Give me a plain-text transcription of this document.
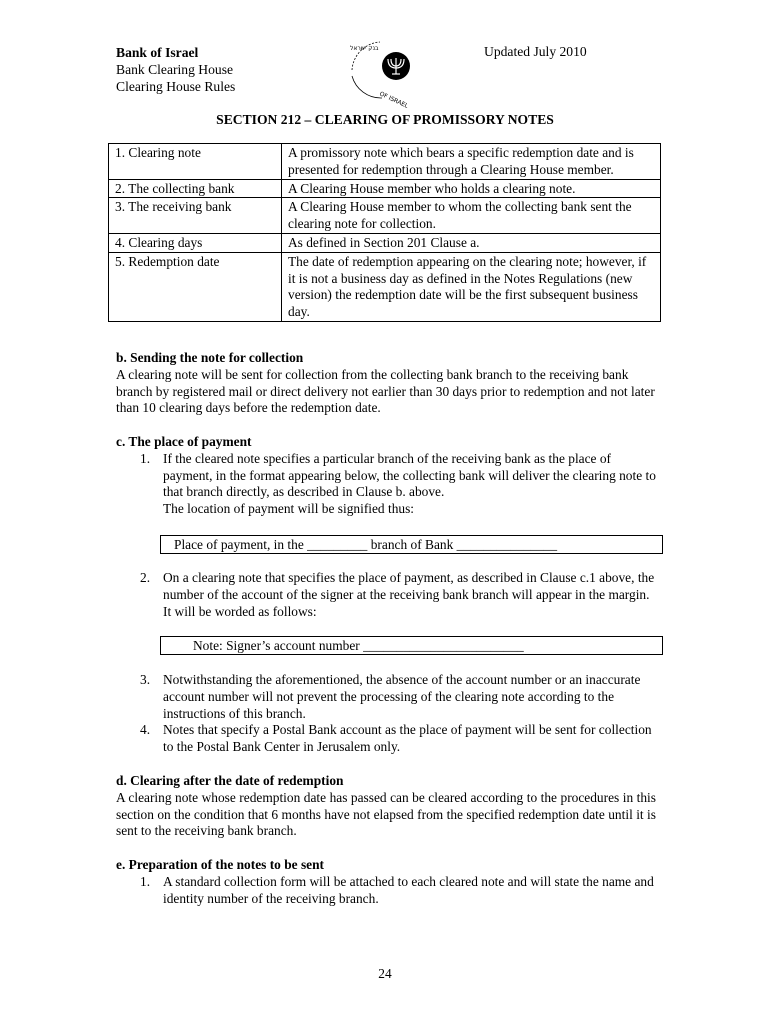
Bank of Israel
Bank Clearing House
Clearing House Rules
בנק ישראל
OF ISRAEL
Updated July 2010
SECTION 212 – CLEARING OF PROMISSORY NOTES
1. Clearing note	A promissory note which bears a specific redemption date and is presented for redemption through a Clearing House member.
2. The collecting bank	A Clearing House member who holds a clearing note.
3. The receiving bank	A Clearing House member to whom the collecting bank sent the clearing note for collection.
4. Clearing days	As defined in Section 201 Clause a.
5. Redemption date	The date of redemption appearing on the clearing note; however, if it is not a business day as defined in the Notes Regulations (new version) the redemption date will be the first subsequent business day.
b. Sending the note for collection
A clearing note will be sent for collection from the collecting bank branch to the receiving bank branch by registered mail or direct delivery not earlier than 30 days prior to redemption and not later than 10 clearing days before the redemption date.
c. The place of payment
1. If the cleared note specifies a particular branch of the receiving bank as the place of payment, in the format appearing below, the collecting bank will deliver the clearing note to that branch directly, as described in Clause b. above.
The location of payment will be signified thus:
Place of payment, in the _________ branch of Bank _______________
2. On a clearing note that specifies the place of payment, as described in Clause c.1 above, the number of the account of the signer at the receiving bank branch will appear in the margin. It will be worded as follows:
Note: Signer’s account number ________________________
3. Notwithstanding the aforementioned, the absence of the account number or an inaccurate account number will not prevent the processing of the clearing note according to the instructions of this branch.
4. Notes that specify a Postal Bank account as the place of payment will be sent for collection to the Postal Bank Center in Jerusalem only.
d. Clearing after the date of redemption
A clearing note whose redemption date has passed can be cleared according to the procedures in this section on the condition that 6 months have not elapsed from the specified redemption date until it is sent to the receiving bank branch.
e. Preparation of the notes to be sent
1. A standard collection form will be attached to each cleared note and will state the name and identity number of the receiving branch.
24
